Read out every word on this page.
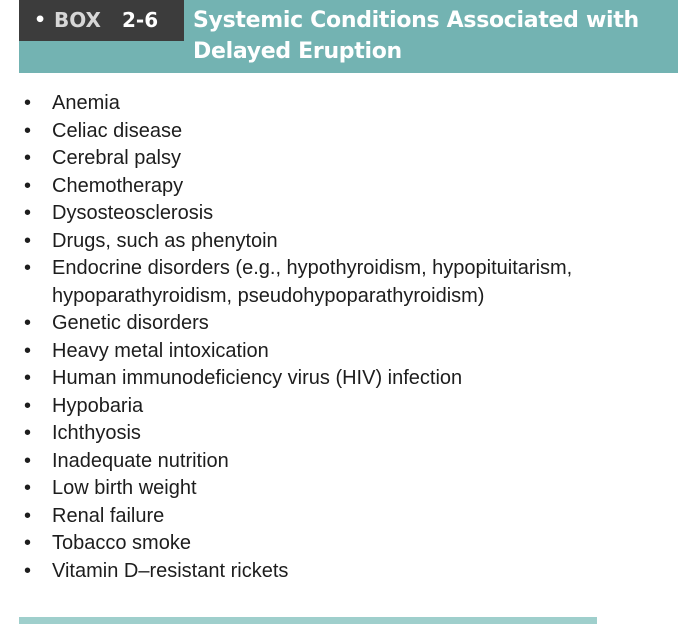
• BOX 2-6 Systemic Conditions Associated with
Delayed Eruption
• Anemia
• Celiac disease
• Cerebral palsy
• Chemotherapy
• Dysosteosclerosis
• Drugs, such as phenytoin
• Endocrine disorders (e.g., hypothyroidism, hypopituitarism, hypoparathyroidism, pseudohypoparathyroidism)
• Genetic disorders
• Heavy metal intoxication
• Human immunodeficiency virus (HIV) infection
• Hypobaria
• Ichthyosis
• Inadequate nutrition
• Low birth weight
• Renal failure
• Tobacco smoke
• Vitamin D–resistant rickets
